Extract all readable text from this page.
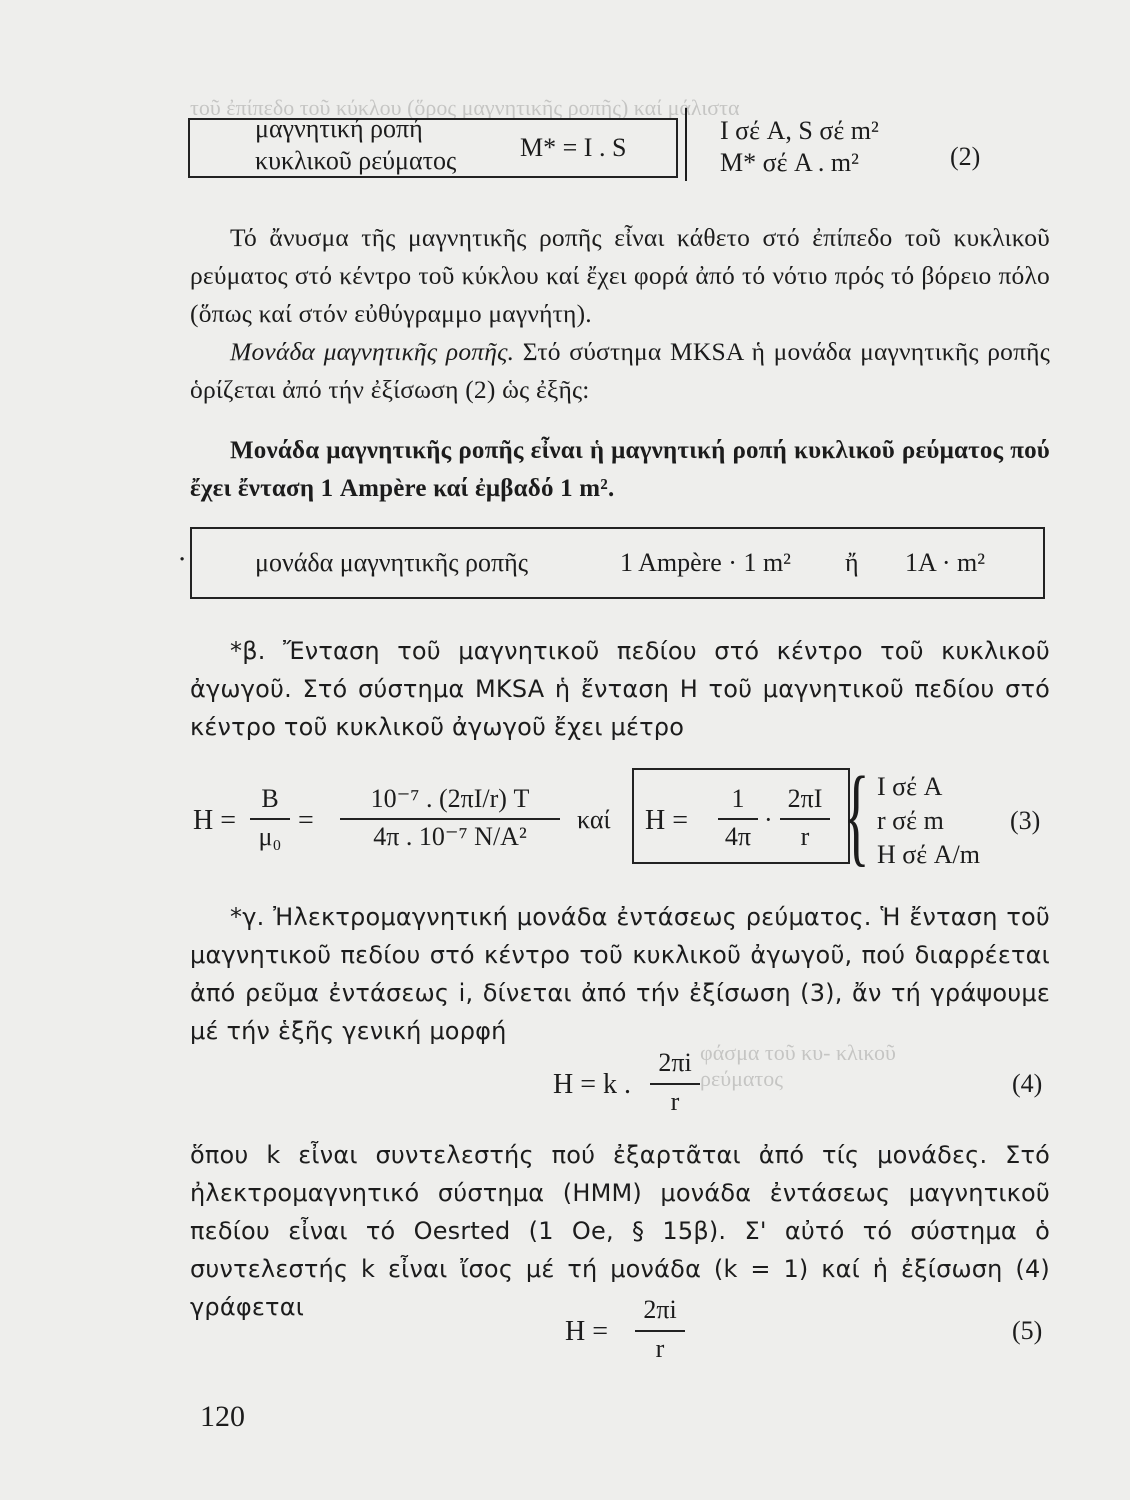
τοῦ ἐπίπεδο τοῦ κύκλου (ὅρος μαγνητικῆς ροπῆς) καί μάλιστα
φάσμα τοῦ κυ- κλικοῦ ρεύματος
μαγνητική ροπή
κυκλικοῦ ρεύματος M* = I . S | I σέ A, S σέ m²
M* σέ A . m²	(2)

Τό ἄνυσμα τῆς μαγνητικῆς ροπῆς εἶναι κάθετο στό ἐπίπεδο τοῦ κυκλικοῦ ρεύματος στό κέντρο τοῦ κύκλου καί ἔχει φορά ἀπό τό νότιο πρός τό βόρειο πόλο (ὅπως καί στόν εὐθύγραμμο μαγνήτη).

Μονάδα μαγνητικῆς ροπῆς. Στό σύστημα MKSA ἡ μονάδα μαγνητικῆς ροπῆς ὁρίζεται ἀπό τήν ἐξίσωση (2) ὡς ἐξῆς:

Μονάδα μαγνητικῆς ροπῆς εἶναι ἡ μαγνητική ροπή κυκλικοῦ ρεύματος πού ἔχει ἔνταση 1 Ampère καί ἐμβαδό 1 m².

·	μονάδα μαγνητικῆς ροπῆς	1 Ampère · 1 m² ἤ 1A · m²

*β. Ἔνταση τοῦ μαγνητικοῦ πεδίου στό κέντρο τοῦ κυκλικοῦ ἀγωγοῦ. Στό σύστημα MKSA ἡ ἔνταση H τοῦ μαγνητικοῦ πεδίου στό κέντρο τοῦ κυκλικοῦ ἀγωγοῦ ἔχει μέτρο

H =
B
μ₀
=
10⁻⁷ . (2πI/r) T
4π . 10⁻⁷ N/A²
καί H =
1
4π
·
2πI
r { I σέ A
r σέ m
H σέ A/m
(3)

*γ. Ἠλεκτρομαγνητική μονάδα ἐντάσεως ρεύματος. Ἡ ἔνταση τοῦ μαγνητικοῦ πεδίου στό κέντρο τοῦ κυκλικοῦ ἀγωγοῦ, πού διαρρέεται ἀπό ρεῦμα ἐντάσεως i, δίνεται ἀπό τήν ἐξίσωση (3), ἄν τή γράψουμε μέ τήν ἑξῆς γενική μορφή

H = k .
2πi
r
(4)

ὅπου k εἶναι συντελεστής πού ἐξαρτᾶται ἀπό τίς μονάδες. Στό ἠλεκτρομαγνητικό σύστημα (HMM) μονάδα ἐντάσεως μαγνητικοῦ πεδίου εἶναι τό Oesrted (1 Oe, § 15β). Σ' αὐτό τό σύστημα ὁ συντελεστής k εἶναι ἴσος μέ τή μονάδα (k = 1) καί ἡ ἐξίσωση (4) γράφεται

H =
2πi
r
(5)
120
